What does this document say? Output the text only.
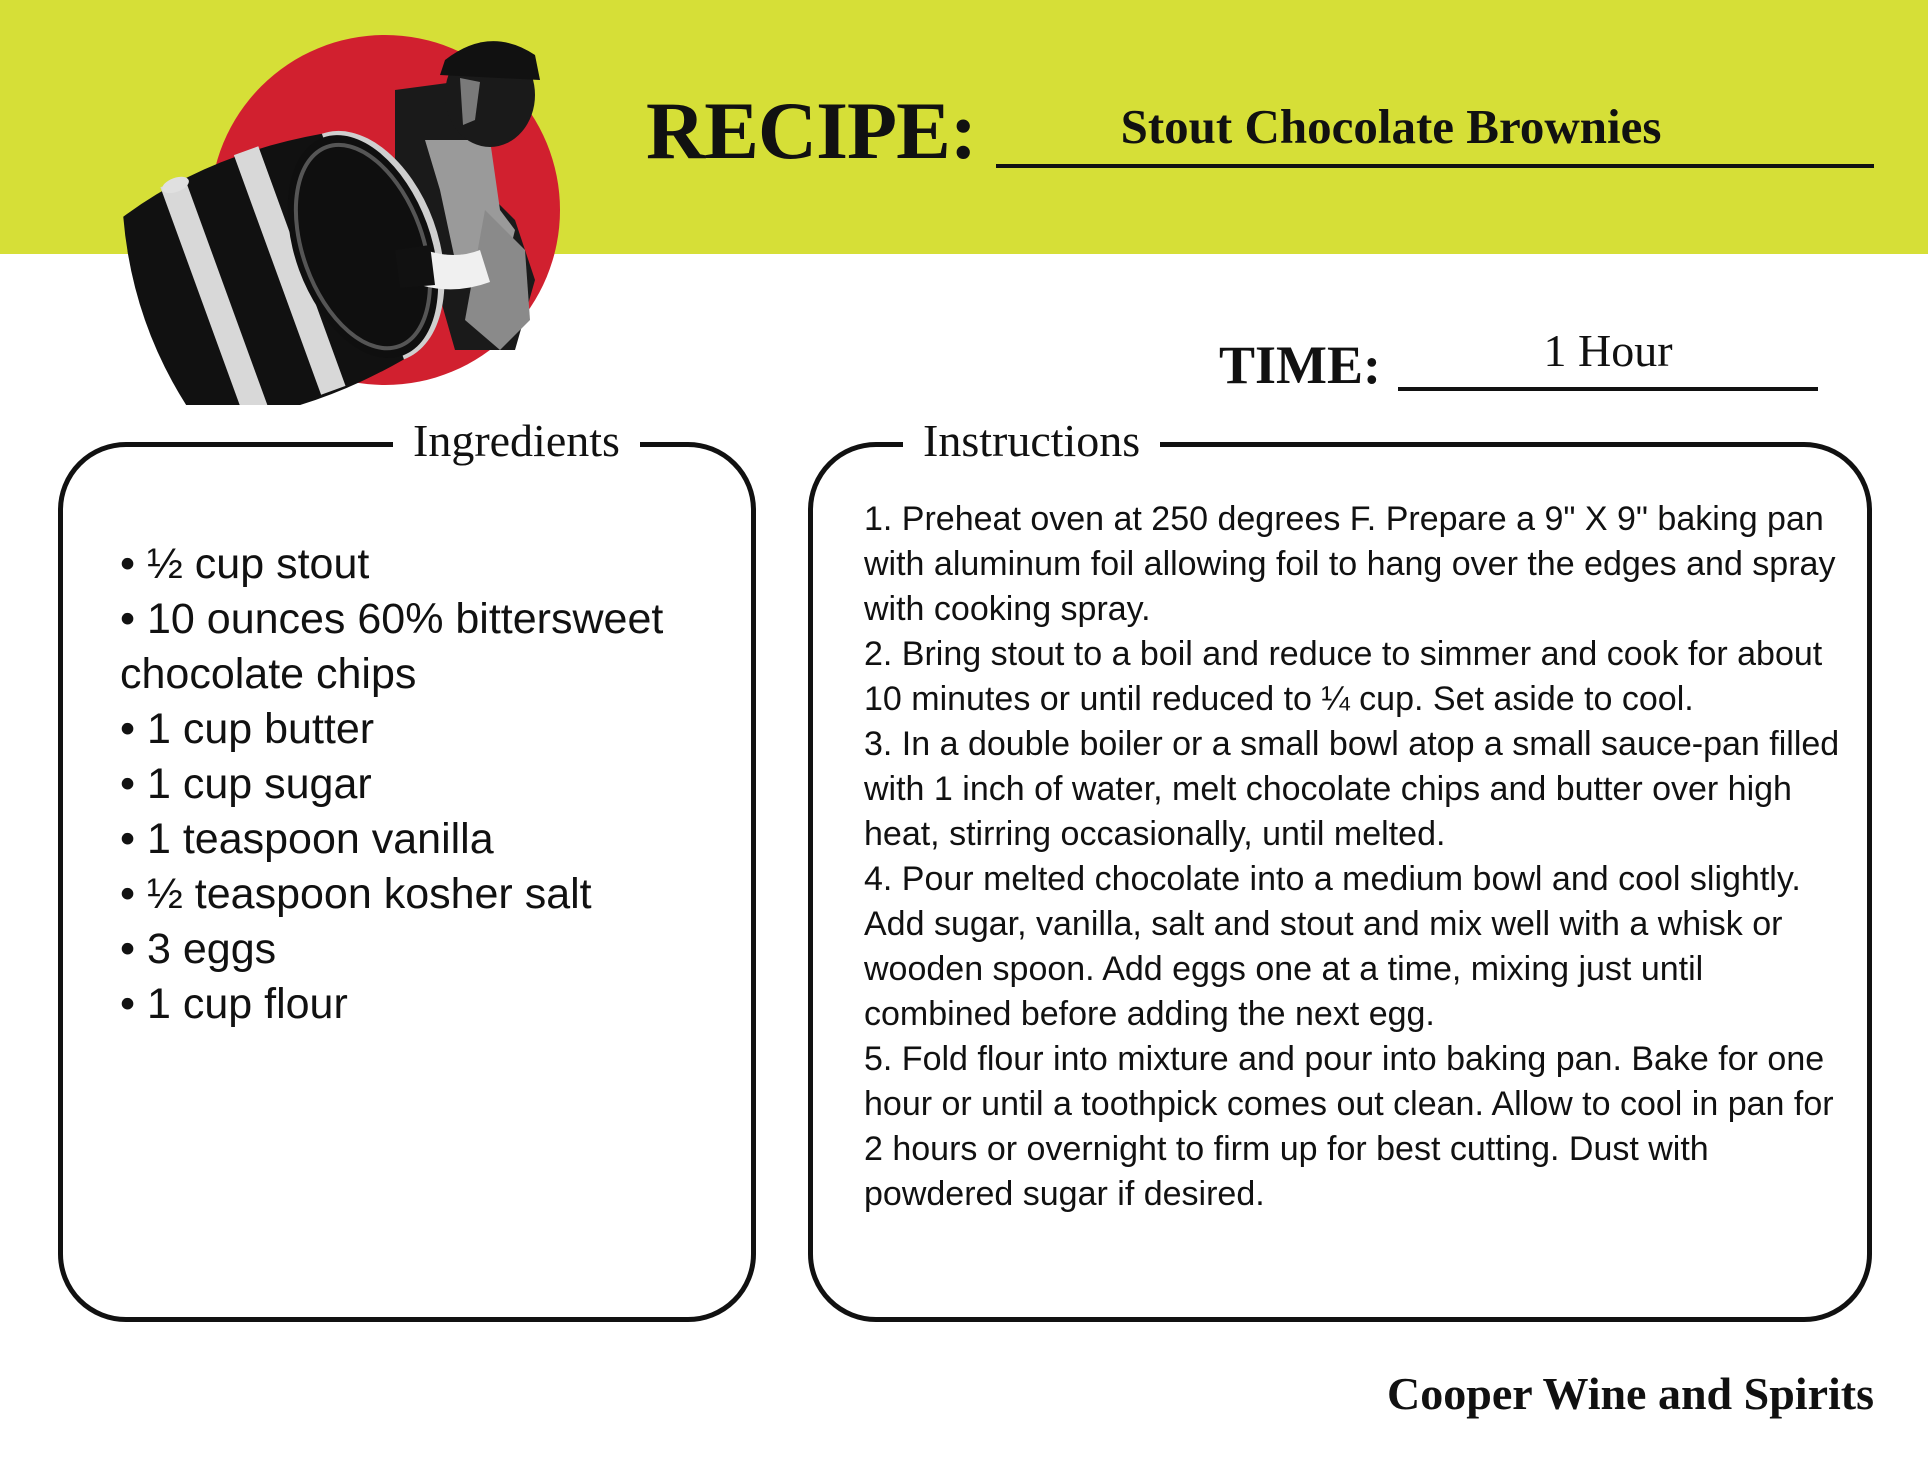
RECIPE:	Stout Chocolate Brownies
TIME:	1 Hour
Ingredients

• ½ cup stout

• 10 ounces 60% bittersweet chocolate chips

• 1 cup butter

• 1 cup sugar

• 1 teaspoon vanilla

• ½ teaspoon kosher salt

• 3 eggs

• 1 cup flour

Instructions

1. Preheat oven at 250 degrees F. Prepare a 9" X 9" baking pan with aluminum foil allowing foil to hang over the edges and spray with cooking spray.

2. Bring stout to a boil and reduce to simmer and cook for about 10 minutes or until reduced to ¼ cup. Set aside to cool.

3. In a double boiler or a small bowl atop a small sauce-pan filled with 1 inch of water, melt chocolate chips and butter over high heat, stirring occasionally, until melted.

4. Pour melted chocolate into a medium bowl and cool slightly. Add sugar, vanilla, salt and stout and mix well with a whisk or wooden spoon. Add eggs one at a time, mixing just until combined before adding the next egg.

5. Fold flour into mixture and pour into baking pan. Bake for one hour or until a toothpick comes out clean. Allow to cool in pan for 2 hours or overnight to firm up for best cutting. Dust with powdered sugar if desired.

Cooper Wine and Spirits
